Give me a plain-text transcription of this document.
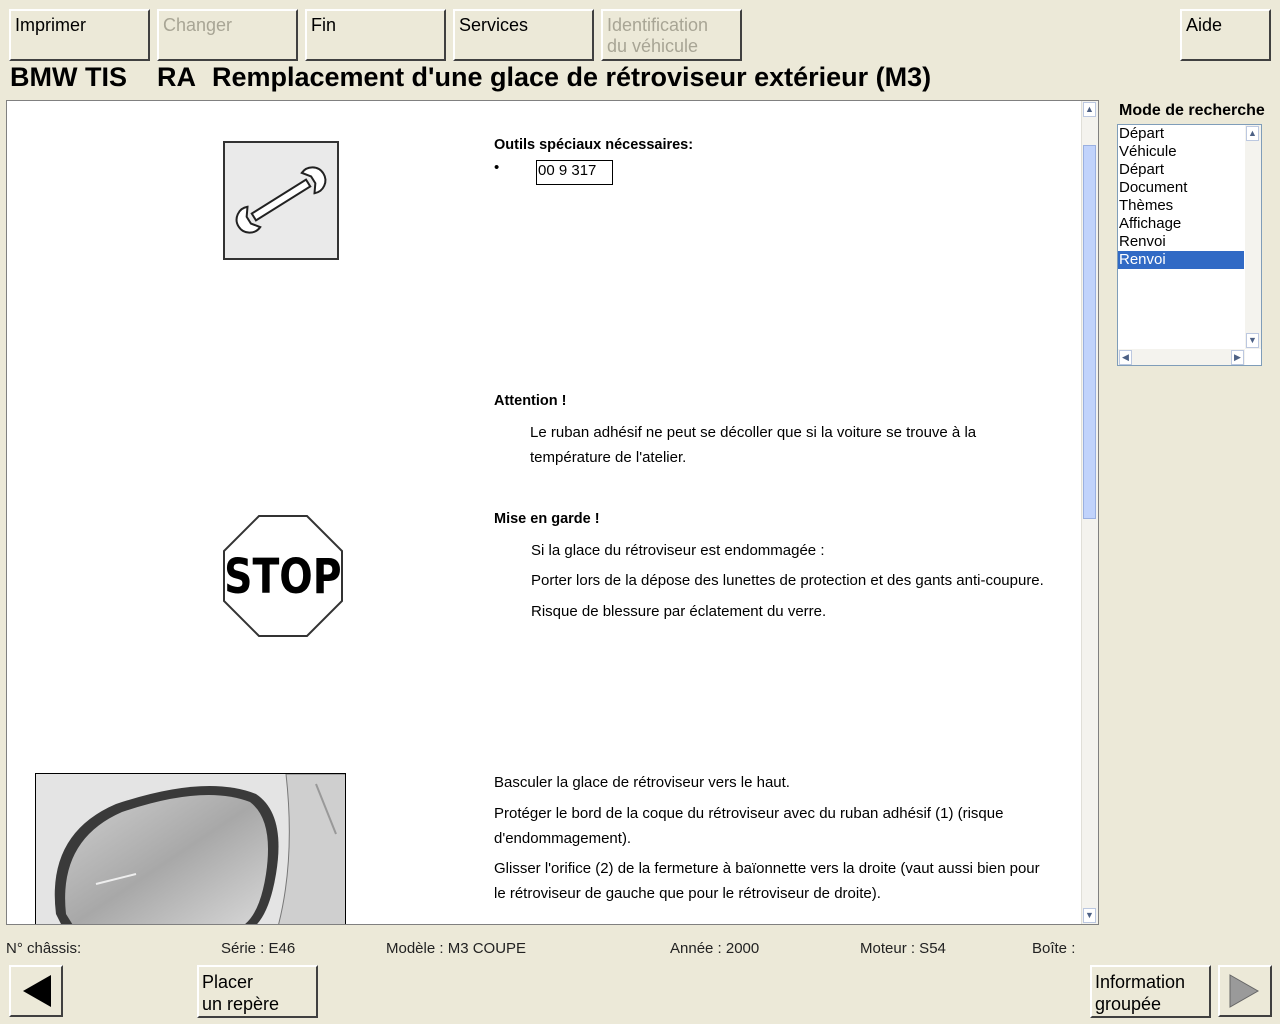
Imprimer	Changer	Fin	Services	Identification
du véhicule
Aide
BMW TIS RA Remplacement d'une glace de rétroviseur extérieur (M3)
Outils spéciaux nécessaires:
•	00 9 317
Attention !
Le ruban adhésif ne peut se décoller que si la voiture se trouve à la
température de l'atelier.
STOP
Mise en garde !
Si la glace du rétroviseur est endommagée :
Porter lors de la dépose des lunettes de protection et des gants anti-coupure.
Risque de blessure par éclatement du verre.
Basculer la glace de rétroviseur vers le haut.
Protéger le bord de la coque du rétroviseur avec du ruban adhésif (1) (risque
d'endommagement).
Glisser l'orifice (2) de la fermeture à baïonnette vers la droite (vaut aussi bien pour
le rétroviseur de gauche que pour le rétroviseur de droite).
▲
▼
Mode de recherche
Départ
Véhicule
Départ
Document
Thèmes
Affichage
Renvoi
Renvoi
▲
▼
◀	▶
N° châssis:	Série : E46	Modèle : M3 COUPE	Année : 2000	Moteur : S54	Boîte :
Placer
un repère
Information
groupée
